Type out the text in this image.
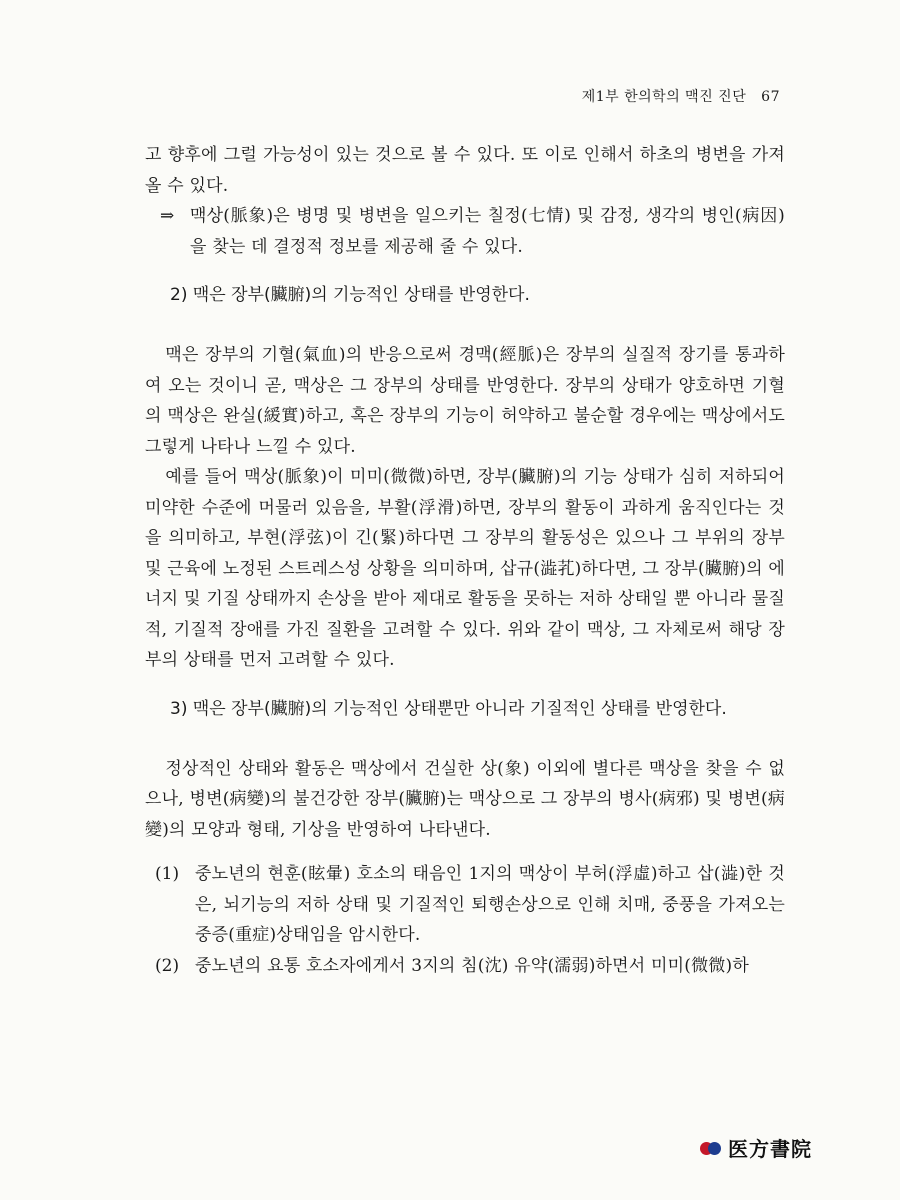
제1부 한의학의 맥진 진단 67

고 향후에 그럴 가능성이 있는 것으로 볼 수 있다. 또 이로 인해서 하초의 병변을 가져올 수 있다.

⇒ 맥상(脈象)은 병명 및 병변을 일으키는 칠정(七情) 및 감정, 생각의 병인(病因)을 찾는 데 결정적 정보를 제공해 줄 수 있다.

2) 맥은 장부(臟腑)의 기능적인 상태를 반영한다.

맥은 장부의 기혈(氣血)의 반응으로써 경맥(經脈)은 장부의 실질적 장기를 통과하여 오는 것이니 곧, 맥상은 그 장부의 상태를 반영한다. 장부의 상태가 양호하면 기혈의 맥상은 완실(緩實)하고, 혹은 장부의 기능이 허약하고 불순할 경우에는 맥상에서도 그렇게 나타나 느낄 수 있다.

예를 들어 맥상(脈象)이 미미(微微)하면, 장부(臟腑)의 기능 상태가 심히 저하되어 미약한 수준에 머물러 있음을, 부활(浮滑)하면, 장부의 활동이 과하게 움직인다는 것을 의미하고, 부현(浮弦)이 긴(緊)하다면 그 장부의 활동성은 있으나 그 부위의 장부 및 근육에 노정된 스트레스성 상황을 의미하며, 삽규(澁芤)하다면, 그 장부(臟腑)의 에너지 및 기질 상태까지 손상을 받아 제대로 활동을 못하는 저하 상태일 뿐 아니라 물질적, 기질적 장애를 가진 질환을 고려할 수 있다. 위와 같이 맥상, 그 자체로써 해당 장부의 상태를 먼저 고려할 수 있다.

3) 맥은 장부(臟腑)의 기능적인 상태뿐만 아니라 기질적인 상태를 반영한다.

정상적인 상태와 활동은 맥상에서 건실한 상(象) 이외에 별다른 맥상을 찾을 수 없으나, 병변(病變)의 불건강한 장부(臟腑)는 맥상으로 그 장부의 병사(病邪) 및 병변(病變)의 모양과 형태, 기상을 반영하여 나타낸다.

(1) 중노년의 현훈(眩暈) 호소의 태음인 1지의 맥상이 부허(浮虛)하고 삽(澁)한 것은, 뇌기능의 저하 상태 및 기질적인 퇴행손상으로 인해 치매, 중풍을 가져오는 중증(重症)상태임을 암시한다.

(2) 중노년의 요통 호소자에게서 3지의 침(沈) 유약(濡弱)하면서 미미(微微)하

医方書院
